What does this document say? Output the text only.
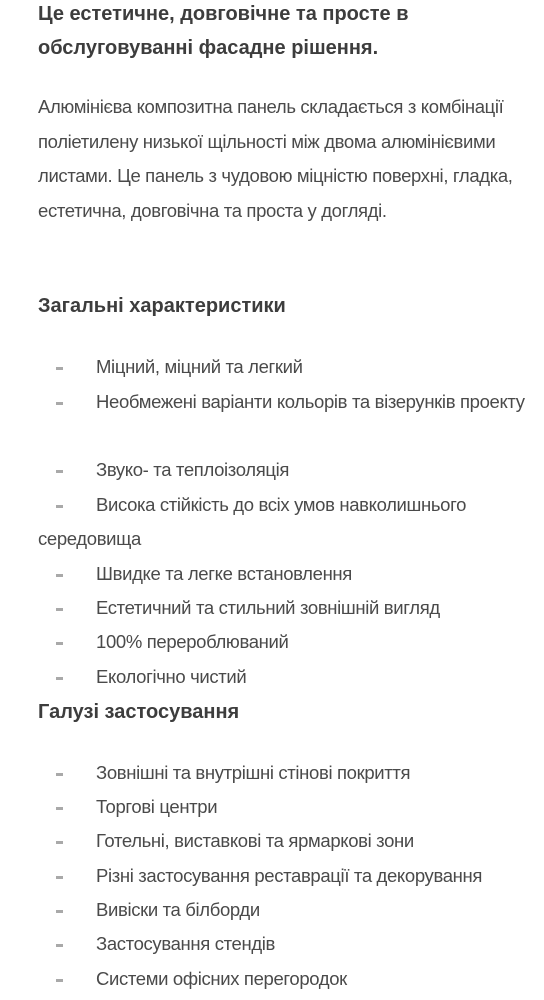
Це естетичне, довговічне та просте в обслуговуванні фасадне рішення.

Алюмінієва композитна панель складається з комбінації поліетилену низької щільності між двома алюмінієвими листами. Це панель з чудовою міцністю поверхні, гладка, естетична, довговічна та проста у догляді.

Загальні характеристики
Міцний, міцний та легкий
Необмежені варіанти кольорів та візерунків проекту
Звуко- та теплоізоляція
Висока стійкість до всіх умов навколишнього середовища
Швидке та легке встановлення
Естетичний та стильний зовнішній вигляд
100% перероблюваний
Екологічно чистий
Галузі застосування
Зовнішні та внутрішні стінові покриття
Торгові центри
Готельні, виставкові та ярмаркові зони
Різні застосування реставрації та декорування
Вивіски та білборди
Застосування стендів
Системи офісних перегородок
